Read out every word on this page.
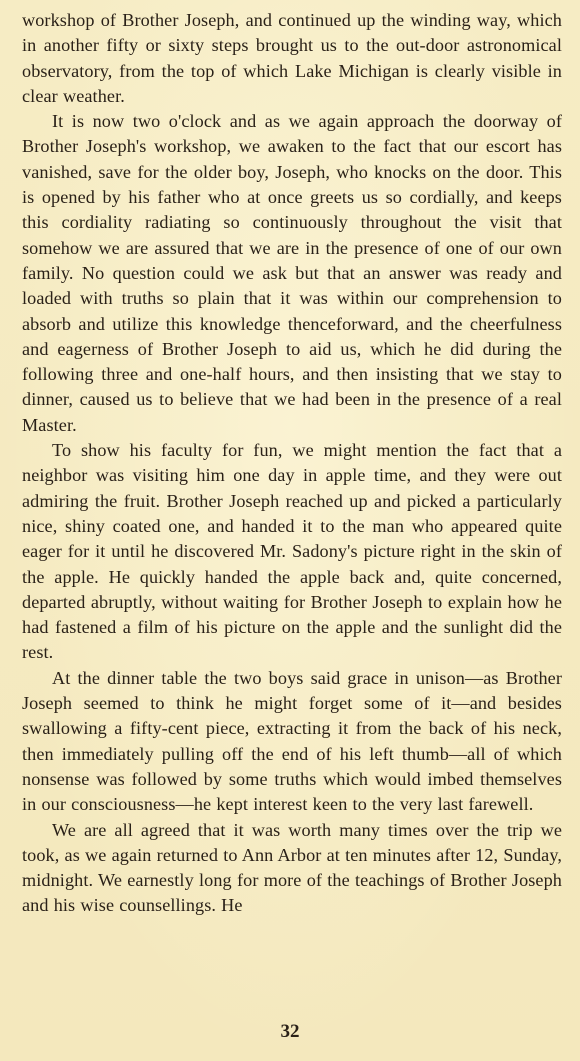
workshop of Brother Joseph, and continued up the winding way, which in another fifty or sixty steps brought us to the out-door astronomical observatory, from the top of which Lake Michigan is clearly visible in clear weather.

It is now two o'clock and as we again approach the doorway of Brother Joseph's workshop, we awaken to the fact that our escort has vanished, save for the older boy, Joseph, who knocks on the door. This is opened by his father who at once greets us so cordially, and keeps this cordiality radiating so continuously throughout the visit that somehow we are assured that we are in the presence of one of our own family. No question could we ask but that an answer was ready and loaded with truths so plain that it was within our comprehension to absorb and utilize this knowledge thenceforward, and the cheerfulness and eagerness of Brother Joseph to aid us, which he did during the following three and one-half hours, and then insisting that we stay to dinner, caused us to believe that we had been in the presence of a real Master.

To show his faculty for fun, we might mention the fact that a neighbor was visiting him one day in apple time, and they were out admiring the fruit. Brother Joseph reached up and picked a particularly nice, shiny coated one, and handed it to the man who appeared quite eager for it until he discovered Mr. Sadony's picture right in the skin of the apple. He quickly handed the apple back and, quite concerned, departed abruptly, without waiting for Brother Joseph to explain how he had fastened a film of his picture on the apple and the sunlight did the rest.

At the dinner table the two boys said grace in unison—as Brother Joseph seemed to think he might forget some of it—and besides swallowing a fifty-cent piece, extracting it from the back of his neck, then immediately pulling off the end of his left thumb—all of which nonsense was followed by some truths which would imbed themselves in our consciousness—he kept interest keen to the very last farewell.

We are all agreed that it was worth many times over the trip we took, as we again returned to Ann Arbor at ten minutes after 12, Sunday, midnight. We earnestly long for more of the teachings of Brother Joseph and his wise counsellings. He

32
